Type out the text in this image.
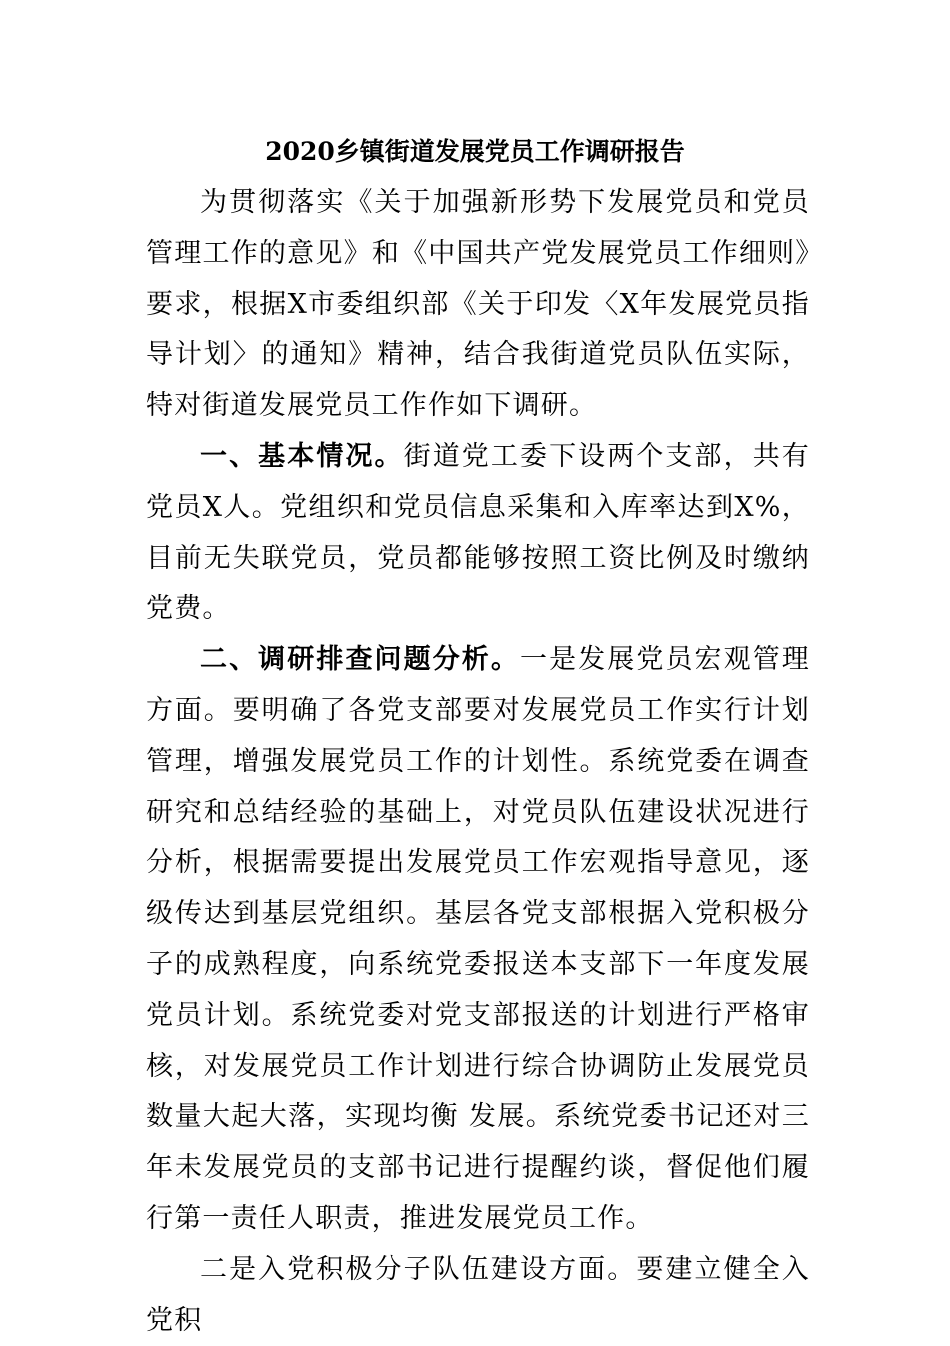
2020乡镇街道发展党员工作调研报告

为贯彻落实《关于加强新形势下发展党员和党员管理工作的意见》和《中国共产党发展党员工作细则》要求，根据X市委组织部《关于印发〈X年发展党员指导计划〉的通知》精神，结合我街道党员队伍实际，特对街道发展党员工作作如下调研。

一、基本情况。街道党工委下设两个支部，共有党员X人。党组织和党员信息采集和入库率达到X%，目前无失联党员，党员都能够按照工资比例及时缴纳党费。

二、调研排查问题分析。一是发展党员宏观管理方面。要明确了各党支部要对发展党员工作实行计划管理，增强发展党员工作的计划性。系统党委在调查研究和总结经验的基础上，对党员队伍建设状况进行分析，根据需要提出发展党员工作宏观指导意见，逐级传达到基层党组织。基层各党支部根据入党积极分子的成熟程度，向系统党委报送本支部下一年度发展党员计划。系统党委对党支部报送的计划进行严格审核，对发展党员工作计划进行综合协调防止发展党员数量大起大落，实现均衡 发展。系统党委书记还对三年未发展党员的支部书记进行提醒约谈，督促他们履行第一责任人职责，推进发展党员工作。

二是入党积极分子队伍建设方面。要建立健全入党积
